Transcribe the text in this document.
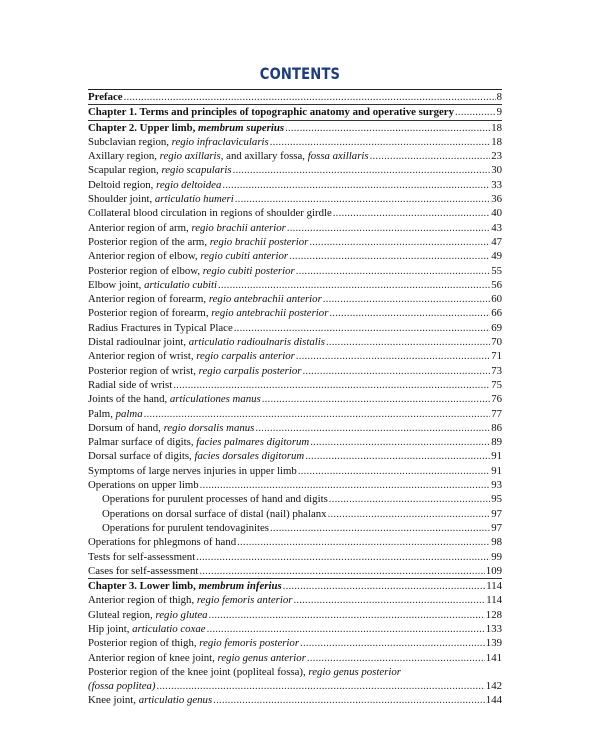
CONTENTS
Preface .....	8
Chapter 1. Terms and principles of topographic anatomy and operative surgery .....	9
Chapter 2. Upper limb, membrum superius .....	18
Subclavian region, regio infraclavicularis .....	18
Axillary region, regio axillaris, and axillary fossa, fossa axillaris .....	23
Scapular region, regio scapularis .....	30
Deltoid region, regio deltoidea .....	33
Shoulder joint, articulatio humeri .....	36
Collateral blood circulation in regions of shoulder girdle .....	40
Anterior region of arm, regio brachii anterior .....	43
Posterior region of the arm, regio brachii posterior .....	47
Anterior region of elbow, regio cubiti anterior .....	49
Posterior region of elbow, regio cubiti posterior .....	55
Elbow joint, articulatio cubiti .....	56
Anterior region of forearm, regio antebrachii anterior .....	60
Posterior region of forearm, regio antebrachii posterior .....	66
Radius Fractures in Typical Place .....	69
Distal radioulnar joint, articulatio radioulnaris distalis .....	70
Anterior region of wrist, regio carpalis anterior .....	71
Posterior region of wrist, regio carpalis posterior .....	73
Radial side of wrist .....	75
Joints of the hand, articulationes manus .....	76
Palm, palma .....	77
Dorsum of hand, regio dorsalis manus .....	86
Palmar surface of digits, facies palmares digitorum .....	89
Dorsal surface of digits, facies dorsales digitorum .....	91
Symptoms of large nerves injuries in upper limb .....	91
Operations on upper limb .....	93
Operations for purulent processes of hand and digits .....	95
Operations on dorsal surface of distal (nail) phalanx .....	97
Operations for purulent tendovaginites .....	97
Operations for phlegmons of hand .....	98
Tests for self-assessment .....	99
Cases for self-assessment .....	109
Chapter 3. Lower limb, membrum inferius .....	114
Anterior region of thigh, regio femoris anterior .....	114
Gluteal region, regio glutea .....	128
Hip joint, articulatio coxae .....	133
Posterior region of thigh, regio femoris posterior .....	139
Anterior region of knee joint, regio genus anterior .....	141
Posterior region of the knee joint (popliteal fossa), regio genus posterior
(fossa poplitea) .....	142
Knee joint, articulatio genus .....	144
